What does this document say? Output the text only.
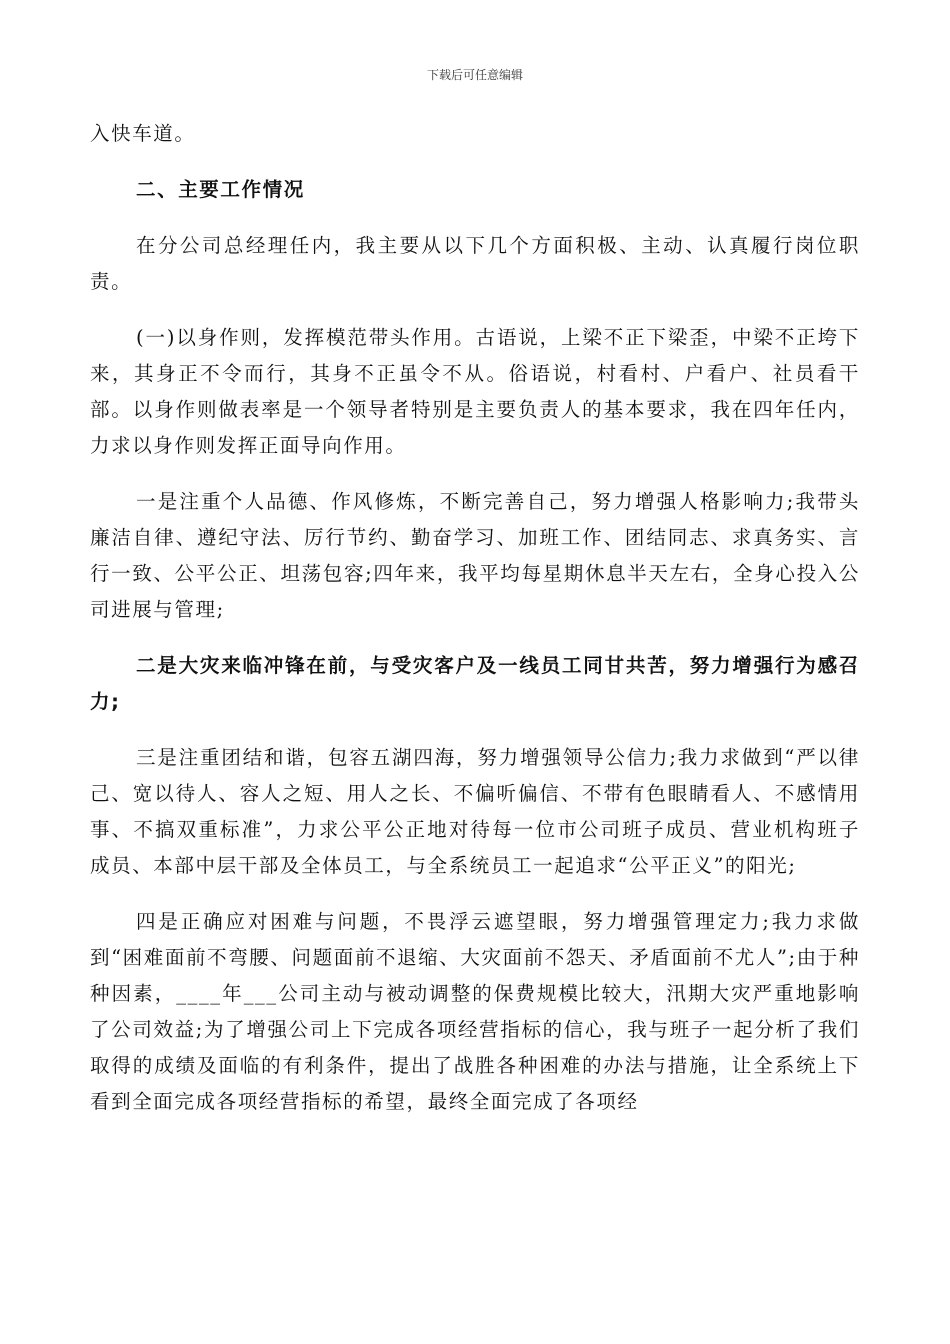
下载后可任意编辑

入快车道。

二、主要工作情况

在分公司总经理任内，我主要从以下几个方面积极、主动、认真履行岗位职责。

(一)以身作则，发挥模范带头作用。古语说，上梁不正下梁歪，中梁不正垮下来，其身正不令而行，其身不正虽令不从。俗语说，村看村、户看户、社员看干部。以身作则做表率是一个领导者特别是主要负责人的基本要求，我在四年任内，力求以身作则发挥正面导向作用。

一是注重个人品德、作风修炼，不断完善自己，努力增强人格影响力;我带头廉洁自律、遵纪守法、厉行节约、勤奋学习、加班工作、团结同志、求真务实、言行一致、公平公正、坦荡包容;四年来，我平均每星期休息半天左右，全身心投入公司进展与管理;

二是大灾来临冲锋在前，与受灾客户及一线员工同甘共苦，努力增强行为感召力;

三是注重团结和谐，包容五湖四海，努力增强领导公信力;我力求做到“严以律己、宽以待人、容人之短、用人之长、不偏听偏信、不带有色眼睛看人、不感情用事、不搞双重标准”，力求公平公正地对待每一位市公司班子成员、营业机构班子成员、本部中层干部及全体员工，与全系统员工一起追求“公平正义”的阳光;

四是正确应对困难与问题，不畏浮云遮望眼，努力增强管理定力;我力求做到“困难面前不弯腰、问题面前不退缩、大灾面前不怨天、矛盾面前不尤人”;由于种种因素，____年___公司主动与被动调整的保费规模比较大，汛期大灾严重地影响了公司效益;为了增强公司上下完成各项经营指标的信心，我与班子一起分析了我们取得的成绩及面临的有利条件，提出了战胜各种困难的办法与措施，让全系统上下看到全面完成各项经营指标的希望，最终全面完成了各项经
